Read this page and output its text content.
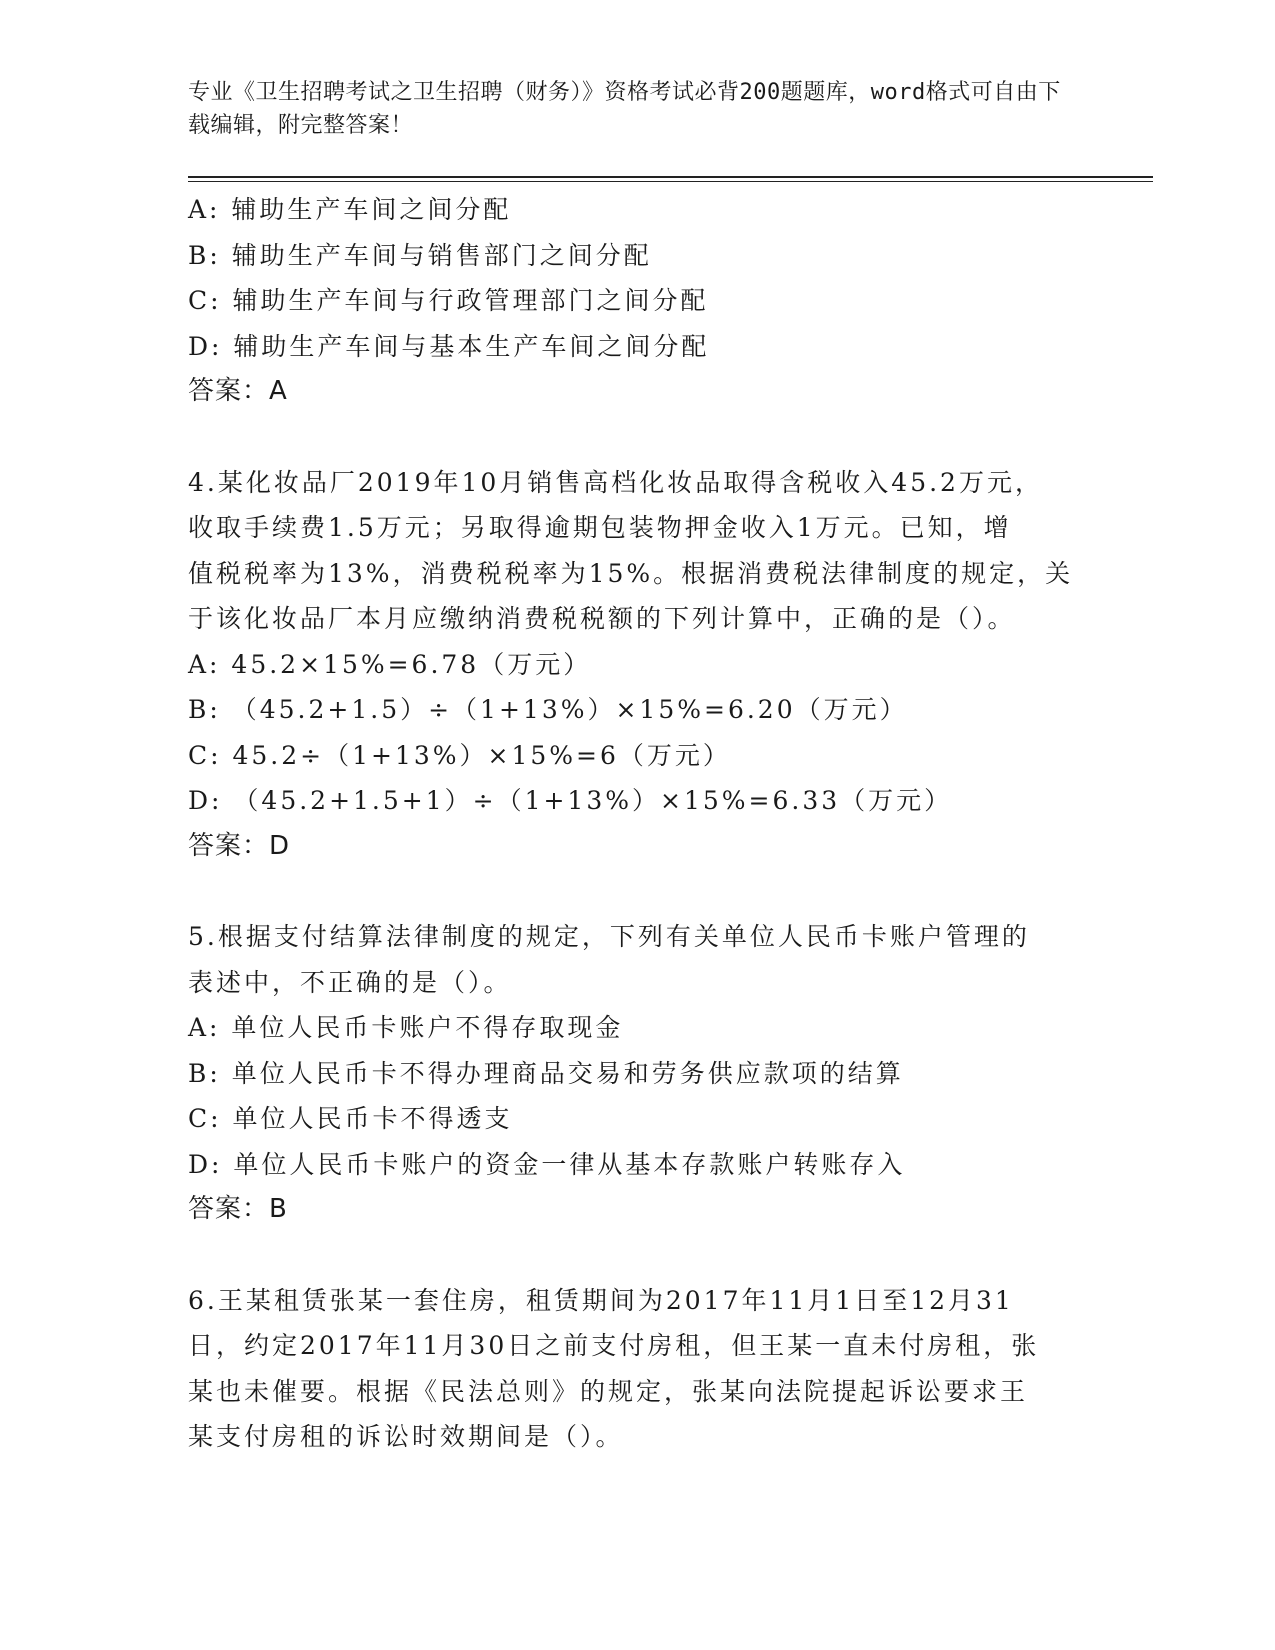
专业《卫生招聘考试之卫生招聘（财务）》资格考试必背200题题库，word格式可自由下载编辑，附完整答案！
A: 辅助生产车间之间分配
B: 辅助生产车间与销售部门之间分配
C: 辅助生产车间与行政管理部门之间分配
D: 辅助生产车间与基本生产车间之间分配
答案：A
4.某化妆品厂2019年10月销售高档化妆品取得含税收入45.2万元，
收取手续费1.5万元；另取得逾期包装物押金收入1万元。已知，增
值税税率为13%，消费税税率为15%。根据消费税法律制度的规定，关
于该化妆品厂本月应缴纳消费税税额的下列计算中，正确的是（）。
A: 45.2×15%=6.78（万元）
B: （45.2+1.5）÷（1+13%）×15%=6.20（万元）
C: 45.2÷（1+13%）×15%=6（万元）
D: （45.2+1.5+1）÷（1+13%）×15%=6.33（万元）
答案：D
5.根据支付结算法律制度的规定，下列有关单位人民币卡账户管理的
表述中，不正确的是（）。
A: 单位人民币卡账户不得存取现金
B: 单位人民币卡不得办理商品交易和劳务供应款项的结算
C: 单位人民币卡不得透支
D: 单位人民币卡账户的资金一律从基本存款账户转账存入
答案：B
6.王某租赁张某一套住房，租赁期间为2017年11月1日至12月31
日，约定2017年11月30日之前支付房租，但王某一直未付房租，张
某也未催要。根据《民法总则》的规定，张某向法院提起诉讼要求王
某支付房租的诉讼时效期间是（）。
